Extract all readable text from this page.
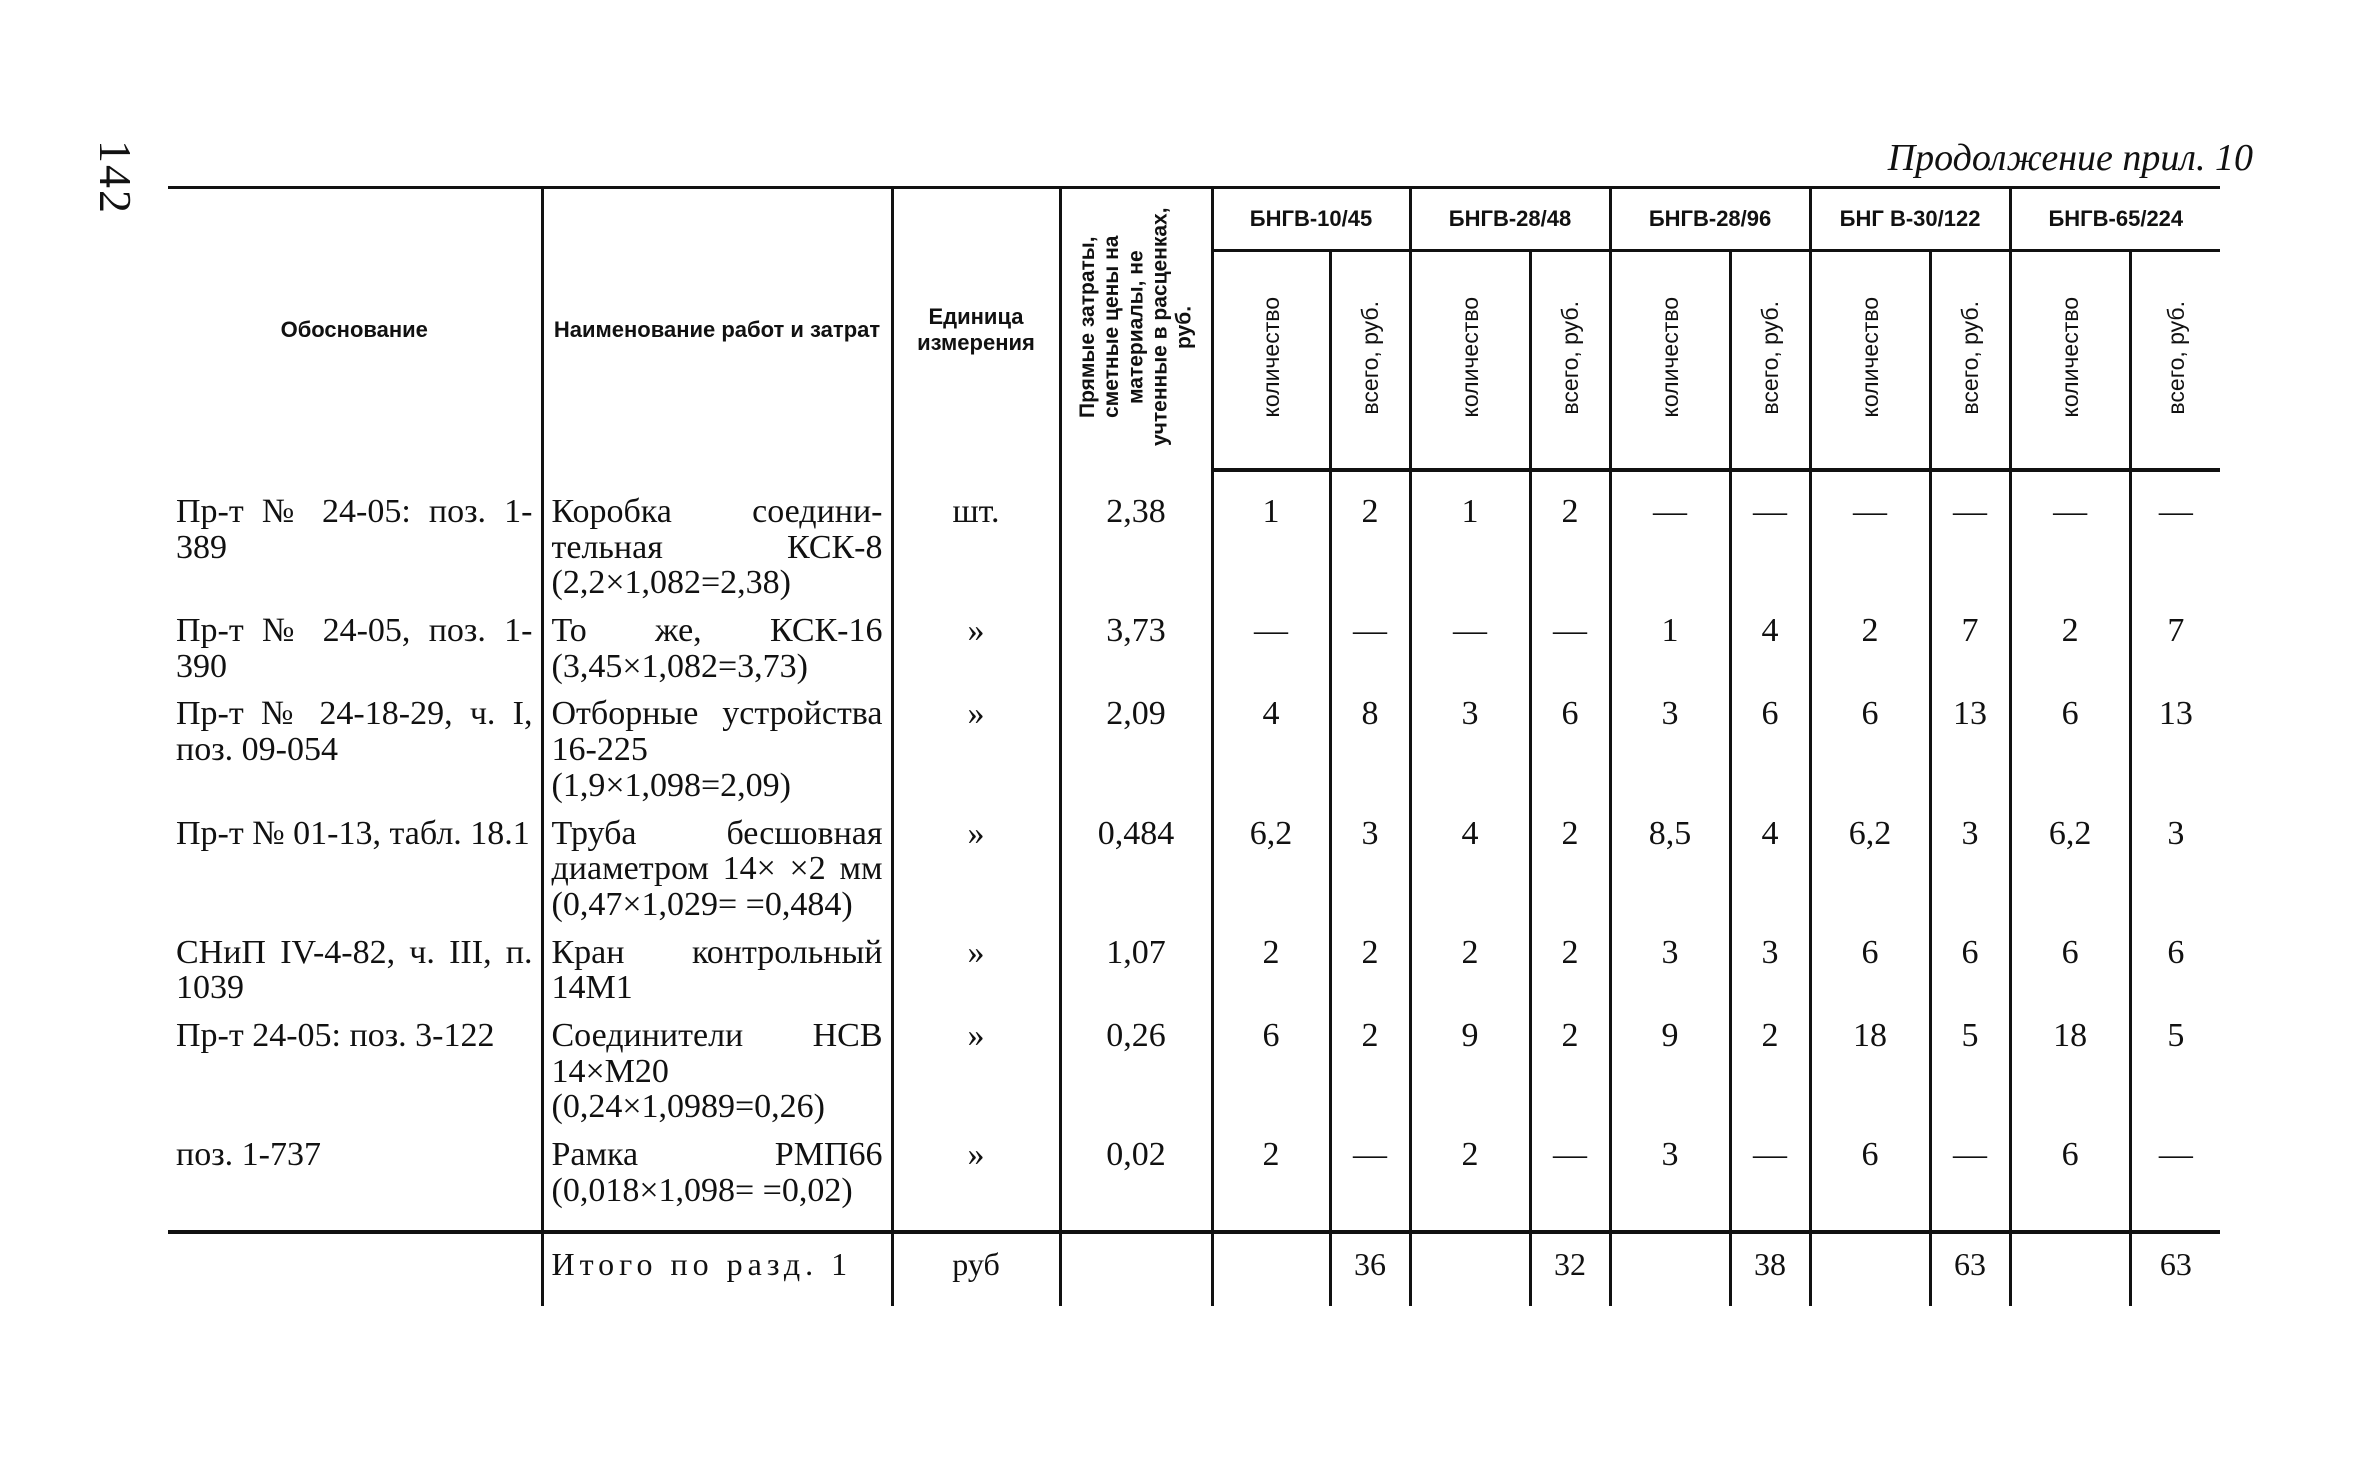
142	Продолжение прил. 10
Обоснование	Наименование работ и затрат	Единица измерения	Прямые затраты, сметные цены на материалы, не учтенные в расценках, руб.	БНГВ-10/45		БНГВ-28/48		БНГВ-28/96		БНГ В-30/122		БНГВ-65/224	
				количество	всего, руб.	количество	всего, руб.	количество	всего, руб.	количество	всего, руб.	количество	всего, руб.

Пр-т № 24-05: поз. 1-389	Коробка соединительная КСК-8 (2,2×1,082=2,38)	шт.	2,38	1	2	1	2	—	—	—	—	—	—
Пр-т № 24-05, поз. 1-390	То же, КСК-16 (3,45×1,082=3,73)	»	3,73	—	—	—	—	1	4	2	7	2	7
Пр-т № 24-18-29, ч. I, поз. 09-054	Отборные устройства 16-225 (1,9×1,098=2,09)	»	2,09	4	8	3	6	3	6	6	13	6	13
Пр-т № 01-13, табл. 18.1	Труба бесшовная диаметром 14× ×2 мм (0,47×1,029= =0,484)	»	0,484	6,2	3	4	2	8,5	4	6,2	3	6,2	3
СНиП IV-4-82, ч. III, п. 1039	Кран контрольный 14М1	»	1,07	2	2	2	2	3	3	6	6	6	6
Пр-т 24-05: поз. 3-122	Соединители НСВ 14×М20 (0,24×1,0989=0,26)	»	0,26	6	2	9	2	9	2	18	5	18	5
поз. 1-737	Рамка РМП66 (0,018×1,098= =0,02)	»	0,02	2	—	2	—	3	—	6	—	6	—

	Итого по разд. 1	руб			36		32		38		63		63
